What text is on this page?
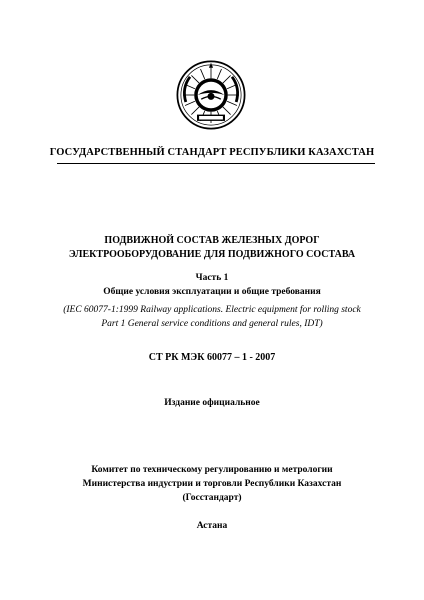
ГОСУДАРСТВЕННЫЙ СТАНДАРТ РЕСПУБЛИКИ КАЗАХСТАН
ПОДВИЖНОЙ СОСТАВ ЖЕЛЕЗНЫХ ДОРОГ
ЭЛЕКТРООБОРУДОВАНИЕ ДЛЯ ПОДВИЖНОГО СОСТАВА
Часть 1
Общие условия эксплуатации и общие требования
(IEC 60077-1:1999 Railway applications. Electric equipment for rolling stock
Part 1 General service conditions and general rules, IDT)
СТ РК МЭК 60077 – 1 - 2007
Издание официальное
Комитет по техническому регулированию и метрологии
Министерства индустрии и торговли Республики Казахстан
(Госстандарт)
Астана
